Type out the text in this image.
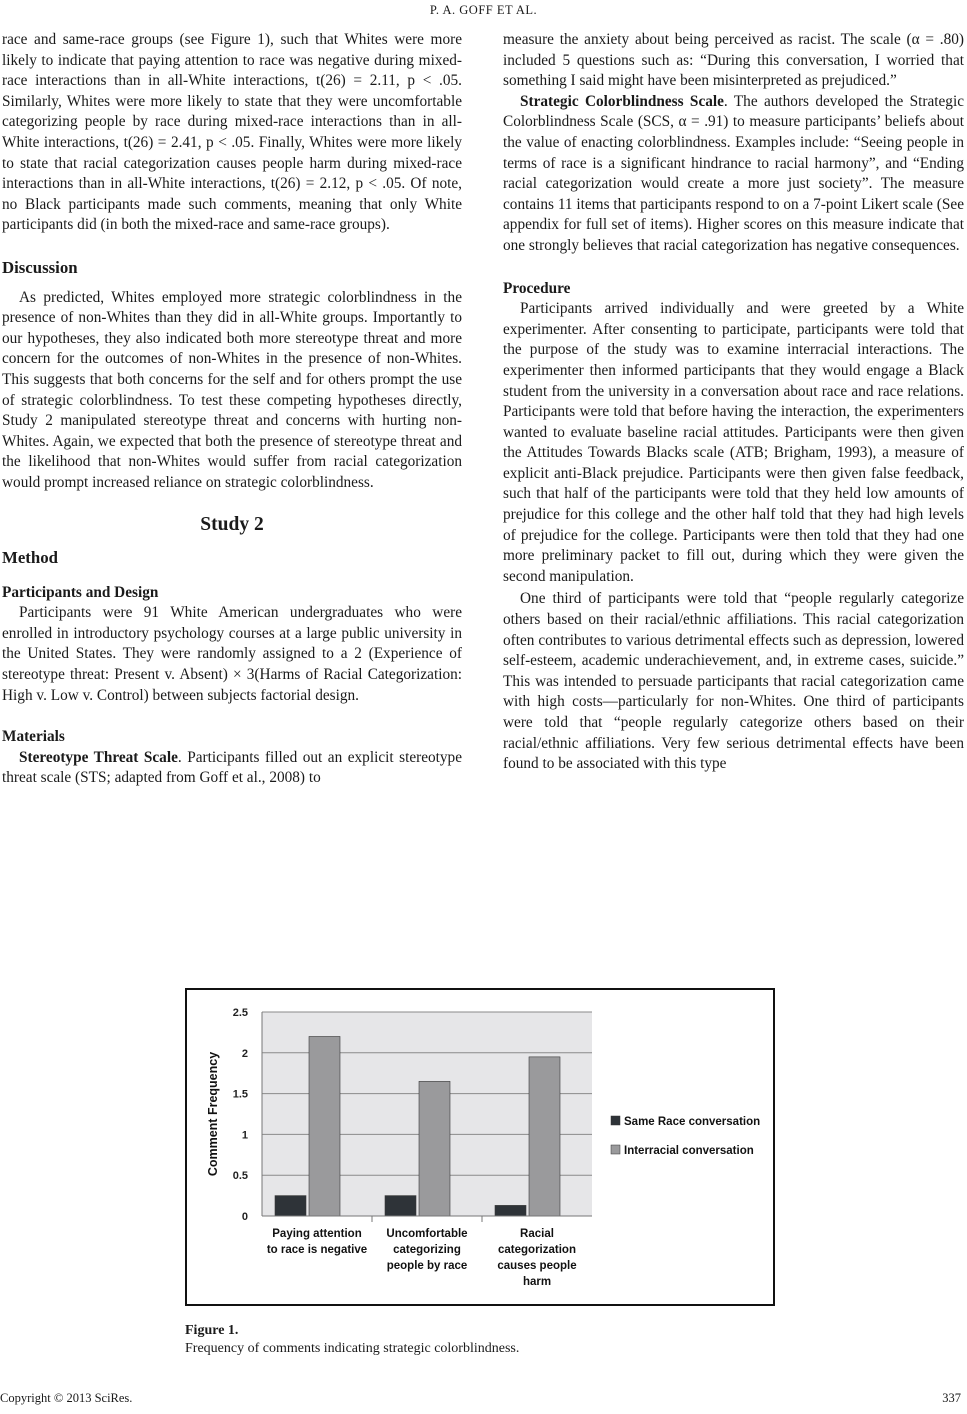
P. A. GOFF ET AL.

race and same-race groups (see Figure 1), such that Whites were more likely to indicate that paying attention to race was negative during mixed-race interactions than in all-White interactions, t(26) = 2.11, p < .05. Similarly, Whites were more likely to state that they were uncomfortable categorizing people by race during mixed-race interactions than in all-White interactions, t(26) = 2.41, p < .05. Finally, Whites were more likely to state that racial categorization causes people harm during mixed-race interactions than in all-White interactions, t(26) = 2.12, p < .05. Of note, no Black participants made such comments, meaning that only White participants did (in both the mixed-race and same-race groups).

Discussion

As predicted, Whites employed more strategic colorblindness in the presence of non-Whites than they did in all-White groups. Importantly to our hypotheses, they also indicated both more stereotype threat and more concern for the outcomes of non-Whites in the presence of non-Whites. This suggests that both concerns for the self and for others prompt the use of strategic colorblindness. To test these competing hypotheses directly, Study 2 manipulated stereotype threat and concerns with hurting non-Whites. Again, we expected that both the presence of stereotype threat and the likelihood that non-Whites would suffer from racial categorization would prompt increased reliance on strategic colorblindness.

Study 2

Method

Participants and Design

Participants were 91 White American undergraduates who were enrolled in introductory psychology courses at a large public university in the United States. They were randomly assigned to a 2 (Experience of stereotype threat: Present v. Absent) × 3(Harms of Racial Categorization: High v. Low v. Control) between subjects factorial design.

Materials

Stereotype Threat Scale. Participants filled out an explicit stereotype threat scale (STS; adapted from Goff et al., 2008) to

measure the anxiety about being perceived as racist. The scale (α = .80) included 5 questions such as: “During this conversation, I worried that something I said might have been misinterpreted as prejudiced.”

Strategic Colorblindness Scale. The authors developed the Strategic Colorblindness Scale (SCS, α = .91) to measure participants’ beliefs about the value of enacting colorblindness. Examples include: “Seeing people in terms of race is a significant hindrance to racial harmony”, and “Ending racial categorization would create a more just society”. The measure contains 11 items that participants respond to on a 7-point Likert scale (See appendix for full set of items). Higher scores on this measure indicate that one strongly believes that racial categorization has negative consequences.

Procedure

Participants arrived individually and were greeted by a White experimenter. After consenting to participate, participants were told that the purpose of the study was to examine interracial interactions. The experimenter then informed participants that they would engage a Black student from the university in a conversation about race and race relations. Participants were told that before having the interaction, the experimenters wanted to evaluate baseline racial attitudes. Participants were then given the Attitudes Towards Blacks scale (ATB; Brigham, 1993), a measure of explicit anti-Black prejudice. Participants were then given false feedback, such that half of the participants were told that they held low amounts of prejudice for this college and the other half told that they had high levels of prejudice for the college. Participants were then told that they had one more preliminary packet to fill out, during which they were given the second manipulation.

One third of participants were told that “people regularly categorize others based on their racial/ethnic affiliations. This racial categorization often contributes to various detrimental effects such as depression, lowered self-esteem, academic underachievement, and, in extreme cases, suicide.” This was intended to persuade participants that racial categorization came with high costs—particularly for non-Whites. One third of participants were told that “people regularly categorize others based on their racial/ethnic affiliations. Very few serious detrimental effects have been found to be associated with this type

0
0.5
1
1.5
2
2.5
Paying attention
to race is negative
Uncomfortable
categorizing
people by race
Racial
categorization
causes people
harm
Comment Frequency	Same Race conversation
Interracial conversation
Figure 1.
Frequency of comments indicating strategic colorblindness.
Copyright © 2013 SciRes.	337
